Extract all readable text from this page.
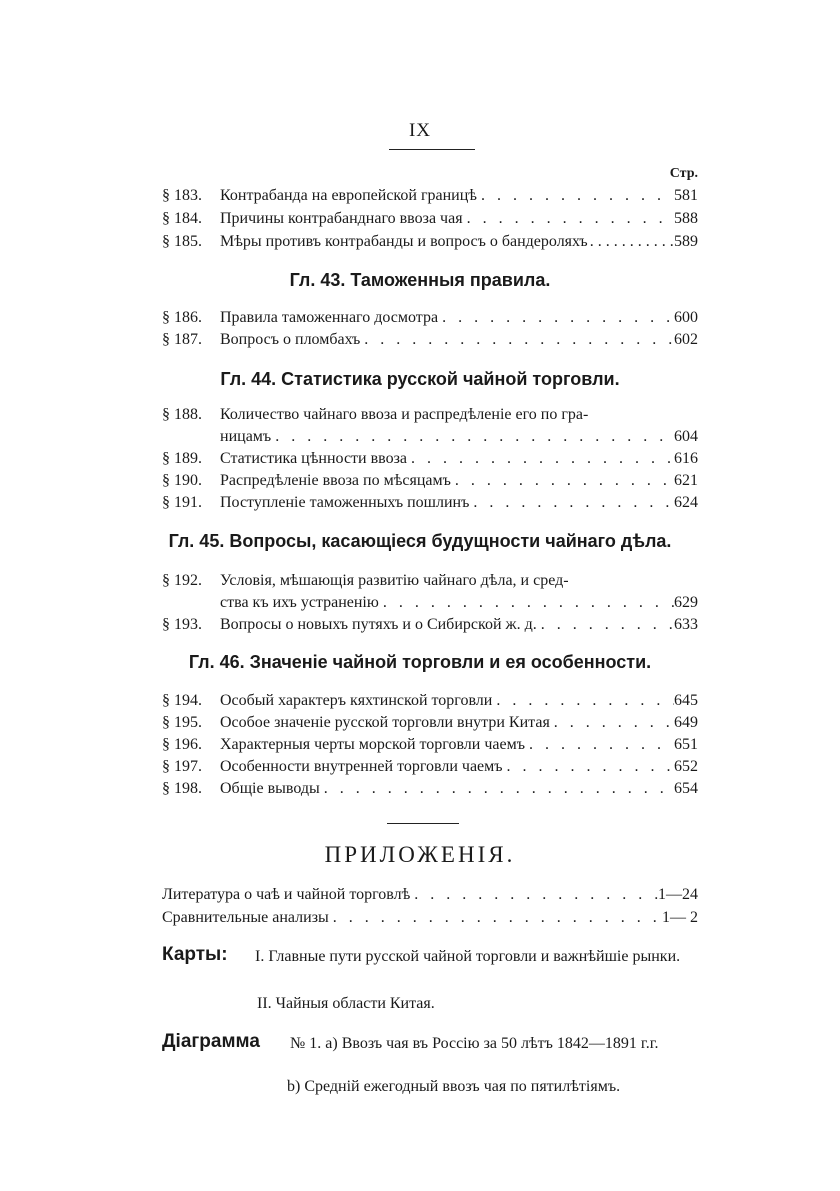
IX
Стр.
§ 183.	Контрабанда на европейской границѣ . . .	581
§ 184.	Причины контрабанднаго ввоза чая . . .	588
§ 185.	Мѣры противъ контрабанды и вопросъ о бандероляхъ . . .	589
Гл. 43. Таможенныя правила.
§ 186.	Правила таможеннаго досмотра . . .	600
§ 187.	Вопросъ о пломбахъ . . .	602
Гл. 44. Статистика русской чайной торговли.
§ 188.	Количество чайнаго ввоза и распредѣленіе его по гра-
ницамъ . . .	604
§ 189.	Статистика цѣнности ввоза . . .	616
§ 190.	Распредѣленіе ввоза по мѣсяцамъ . . .	621
§ 191.	Поступленіе таможенныхъ пошлинъ . . .	624
Гл. 45. Вопросы, касающіеся будущности чайнаго дѣла.
§ 192.	Условія, мѣшающія развитію чайнаго дѣла, и сред-
ства къ ихъ устраненію . . .	629
§ 193.	Вопросы о новыхъ путяхъ и о Сибирской ж. д. . . .	633
Гл. 46. Значеніе чайной торговли и ея особенности.
§ 194.	Особый характеръ кяхтинской торговли . . .	645
§ 195.	Особое значеніе русской торговли внутри Китая . . .	649
§ 196.	Характерныя черты морской торговли чаемъ . . .	651
§ 197.	Особенности внутренней торговли чаемъ . . .	652
§ 198.	Общіе выводы . . .	654
ПРИЛОЖЕНІЯ.
Литература о чаѣ и чайной торговлѣ . . .	1—24
Сравнительные анализы . . .	1— 2
Карты: I. Главные пути русской чайной торговли и важнѣйшіе рынки.
II. Чайныя области Китая.
Діаграмма № 1. a) Ввозъ чая въ Россію за 50 лѣтъ 1842—1891 г.г.
b) Средній ежегодный ввозъ чая по пятилѣтіямъ.
